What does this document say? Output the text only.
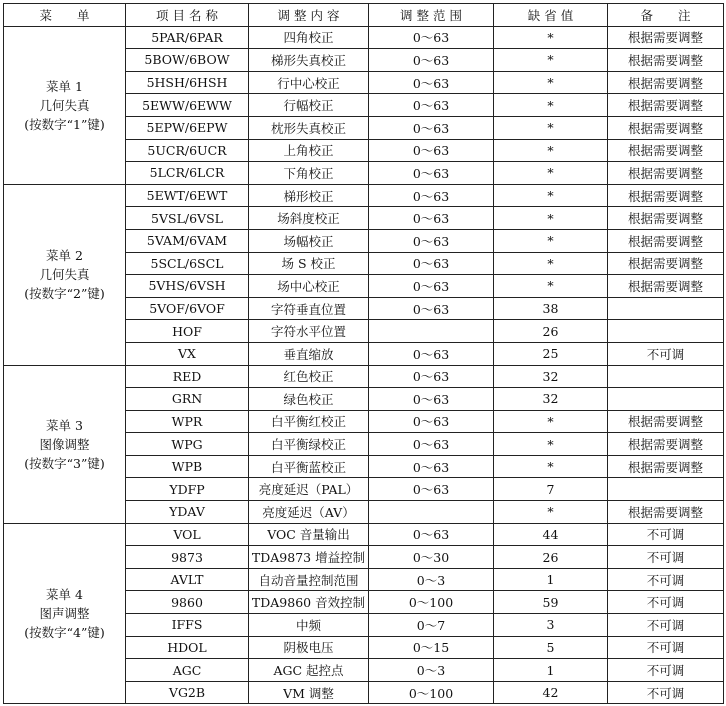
菜　　单	项 目 名 称	调 整 内 容	调 整 范 围	缺 省 值	备　　注

菜单 1
几何失真
(按数字“1”键)	5PAR/6PAR	四角校正	0～63	*	根据需要调整
	5BOW/6BOW	梯形失真校正	0～63	*	根据需要调整
	5HSH/6HSH	行中心校正	0～63	*	根据需要调整
	5EWW/6EWW	行幅校正	0～63	*	根据需要调整
	5EPW/6EPW	枕形失真校正	0～63	*	根据需要调整
	5UCR/6UCR	上角校正	0～63	*	根据需要调整
	5LCR/6LCR	下角校正	0～63	*	根据需要调整

菜单 2
几何失真
(按数字“2”键)	5EWT/6EWT	梯形校正	0～63	*	根据需要调整
	5VSL/6VSL	场斜度校正	0～63	*	根据需要调整
	5VAM/6VAM	场幅校正	0～63	*	根据需要调整
	5SCL/6SCL	场 S 校正	0～63	*	根据需要调整
	5VHS/6VSH	场中心校正	0～63	*	根据需要调整
	5VOF/6VOF	字符垂直位置	0～63	38	
	HOF	字符水平位置		26	
	VX	垂直缩放	0～63	25	不可调

菜单 3
图像调整
(按数字“3”键)	RED	红色校正	0～63	32	
	GRN	绿色校正	0～63	32	
	WPR	白平衡红校正	0～63	*	根据需要调整
	WPG	白平衡绿校正	0～63	*	根据需要调整
	WPB	白平衡蓝校正	0～63	*	根据需要调整
	YDFP	亮度延迟（PAL）	0～63	7	
	YDAV	亮度延迟（AV）		*	根据需要调整

菜单 4
图声调整
(按数字“4”键)	VOL	VOC 音量输出	0～63	44	不可调
	9873	TDA9873 增益控制	0～30	26	不可调
	AVLT	自动音量控制范围	0～3	1	不可调
	9860	TDA9860 音效控制	0～100	59	不可调
	IFFS	中频	0～7	3	不可调
	HDOL	阴极电压	0～15	5	不可调
	AGC	AGC 起控点	0～3	1	不可调
	VG2B	VM 调整	0～100	42	不可调
